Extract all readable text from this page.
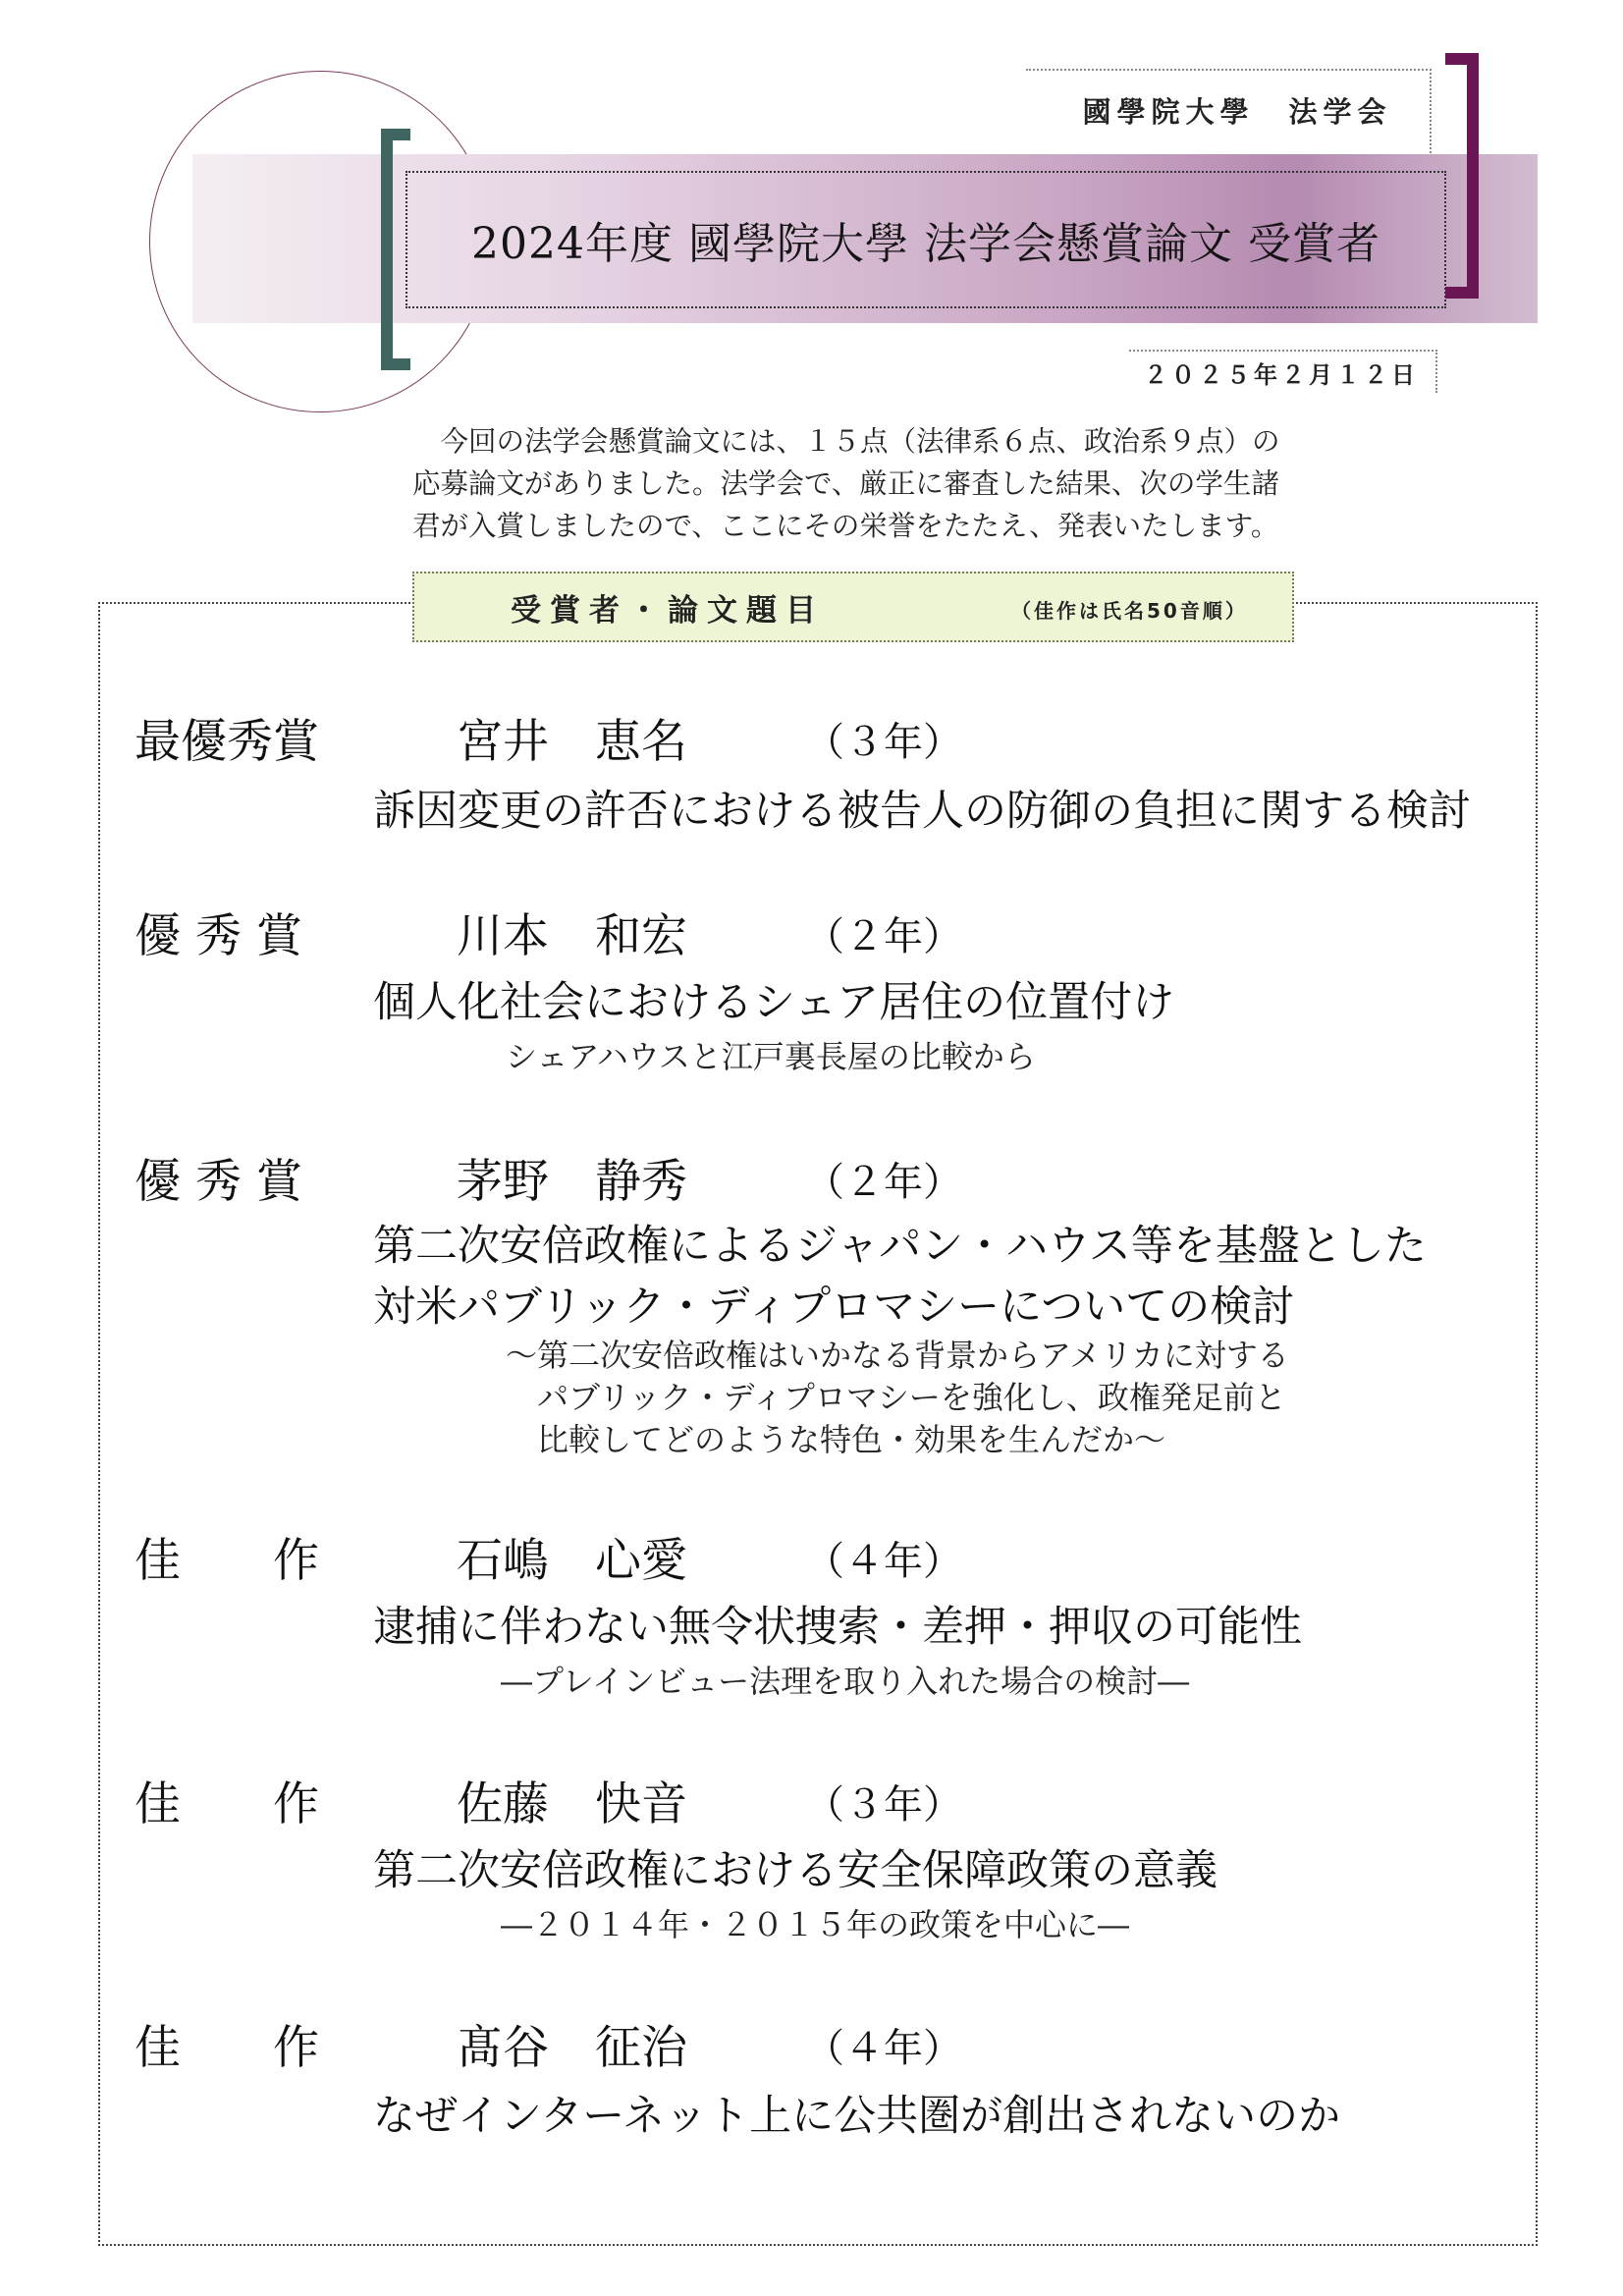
國學院大學　法学会
2024年度 國學院大學 法学会懸賞論文 受賞者
２０２５年２月１２日

　今回の法学会懸賞論文には、１５点（法律系６点、政治系９点）の

応募論文がありました。法学会で、厳正に審査した結果、次の学生諸

君が入賞しましたので、ここにその栄誉をたたえ、発表いたします。

受賞者・論文題目	（佳作は氏名50音順）
最優秀賞	宮井　恵名	（３年）
訴因変更の許否における被告人の防御の負担に関する検討
優 秀 賞	川本　和宏	（２年）
個人化社会におけるシェア居住の位置付け
シェアハウスと江戸裏長屋の比較から
優 秀 賞	茅野　静秀	（２年）
第二次安倍政権によるジャパン・ハウス等を基盤とした
対米パブリック・ディプロマシーについての検討
～第二次安倍政権はいかなる背景からアメリカに対する
　パブリック・ディプロマシーを強化し、政権発足前と
　比較してどのような特色・効果を生んだか～
佳　　作	石嶋　心愛	（４年）
逮捕に伴わない無令状捜索・差押・押収の可能性
―プレインビュー法理を取り入れた場合の検討―
佳　　作	佐藤　快音	（３年）
第二次安倍政権における安全保障政策の意義
―２０１４年・２０１５年の政策を中心に―
佳　　作	髙谷　征治	（４年）
なぜインターネット上に公共圏が創出されないのか
